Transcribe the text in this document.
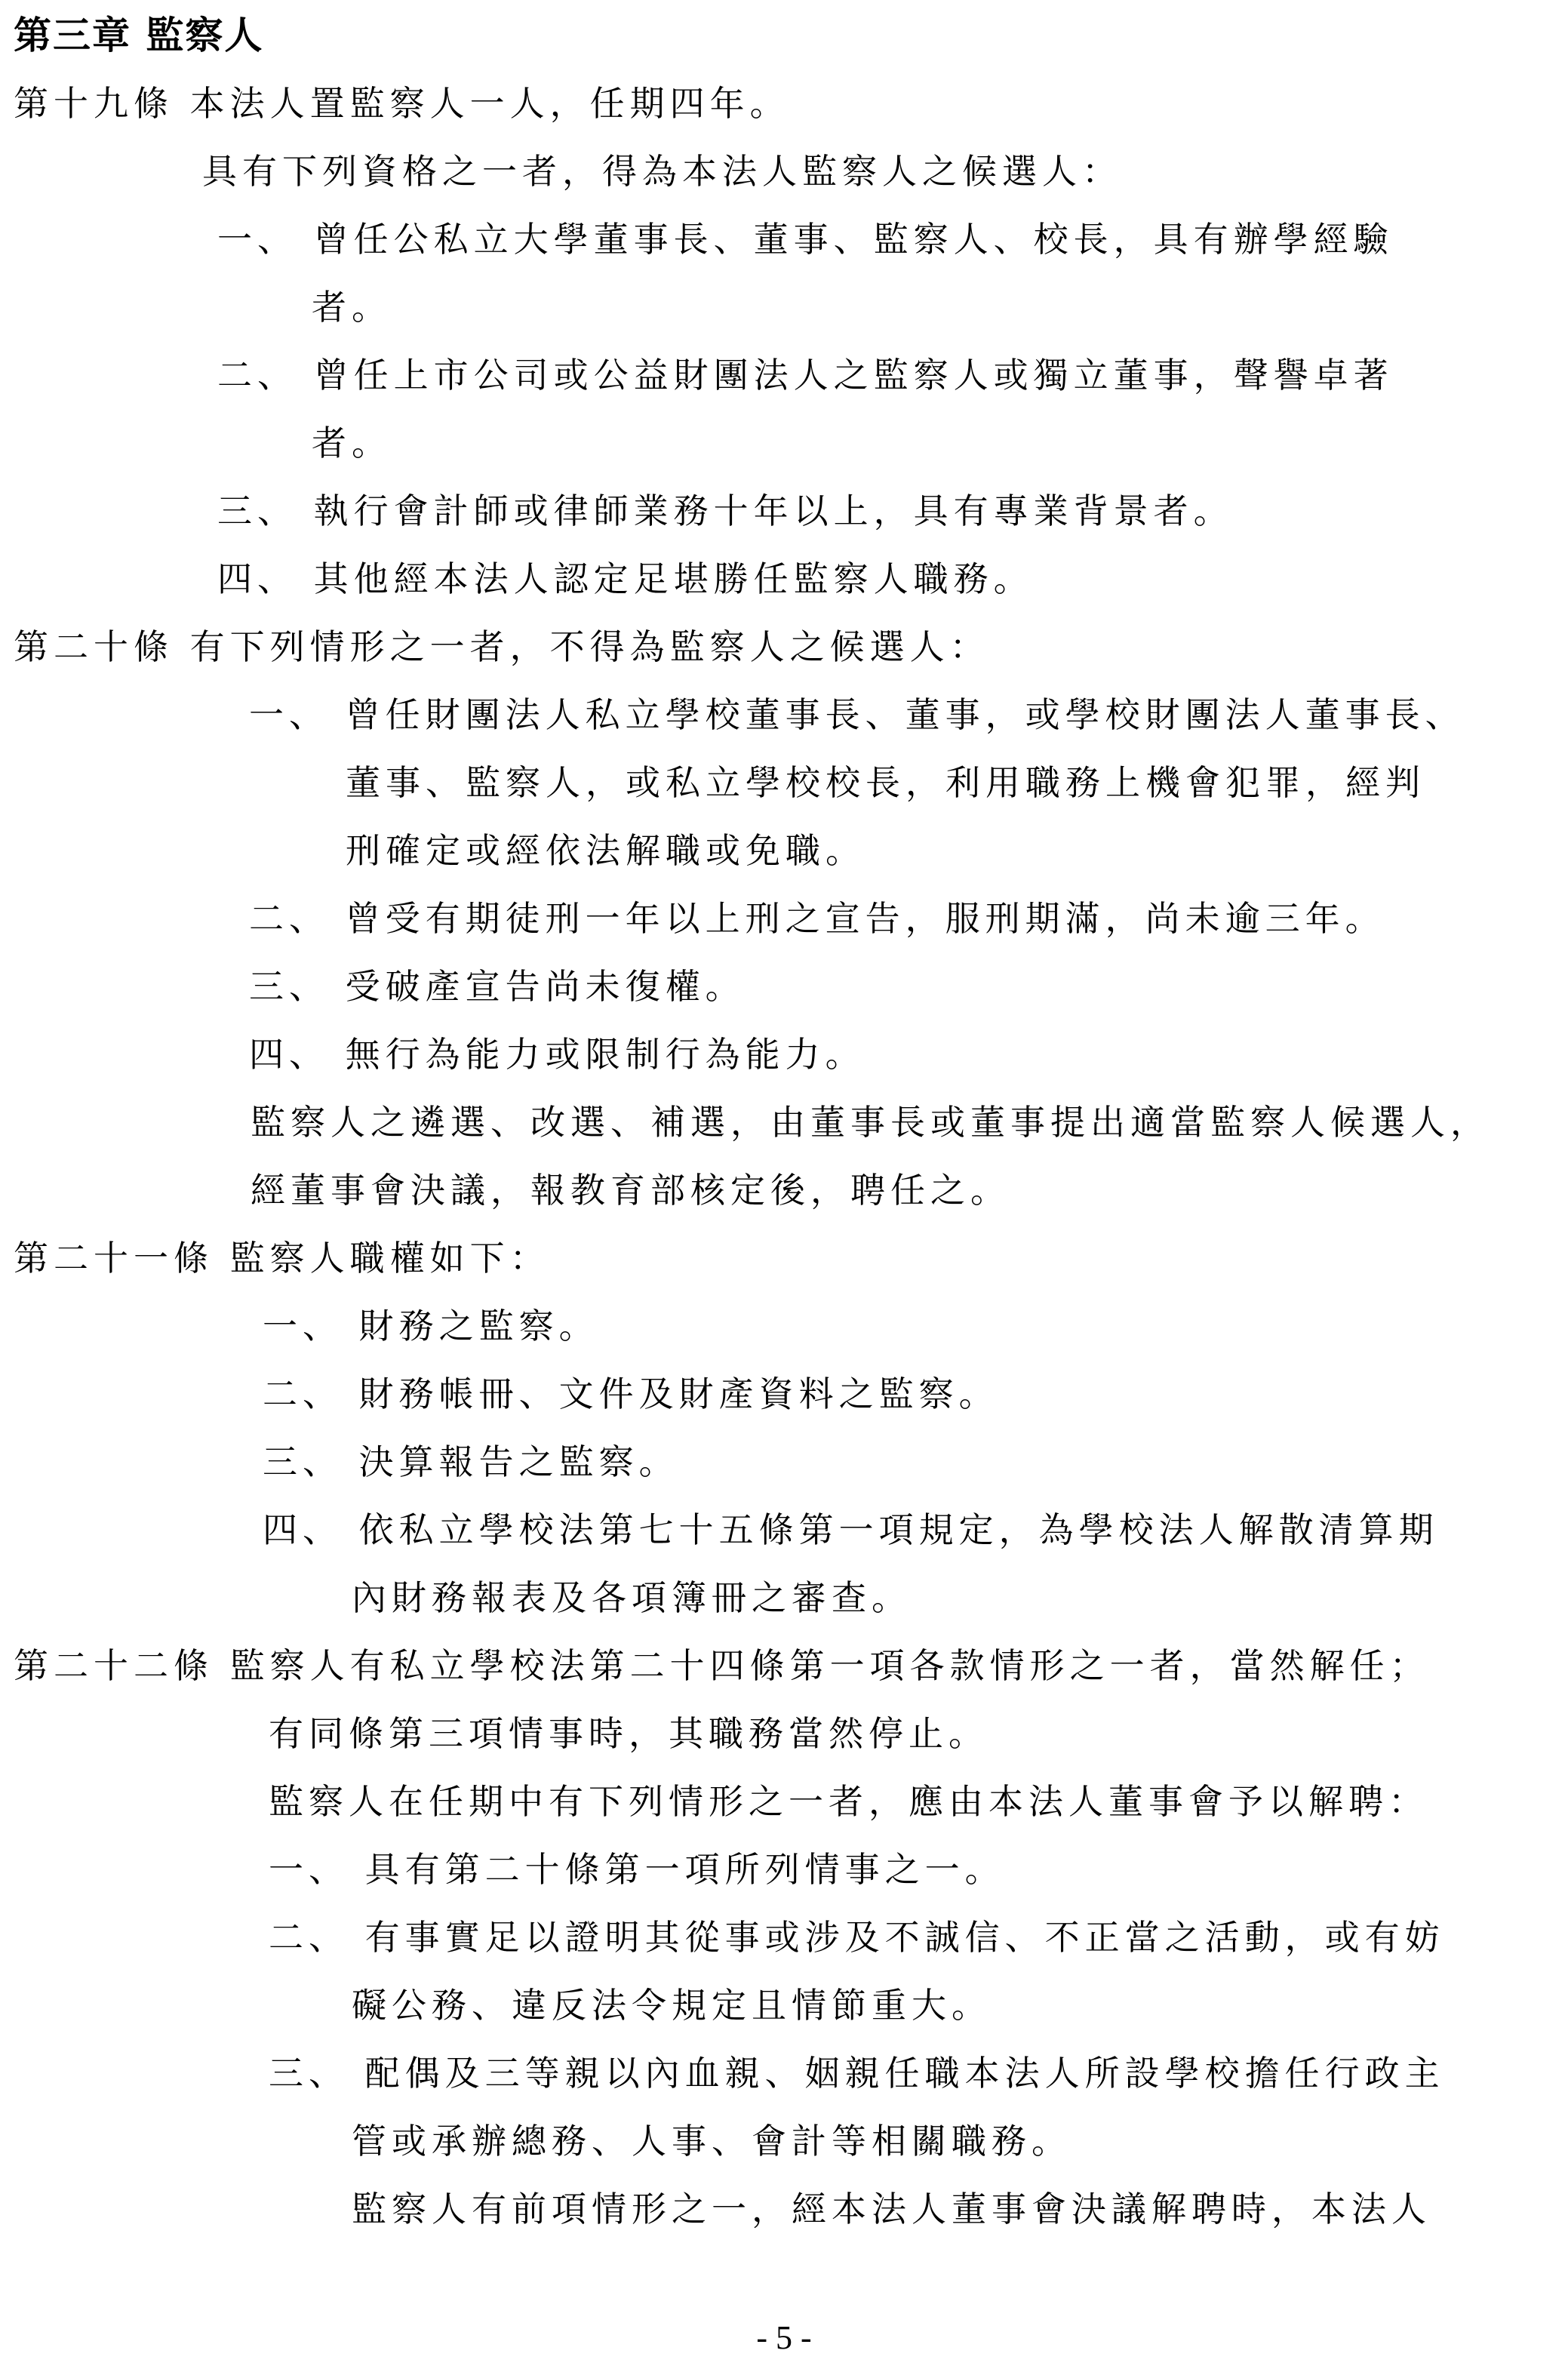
第三章 監察人
第十九條 本法人置監察人一人，任期四年。
具有下列資格之一者，得為本法人監察人之候選人：
一、 曾任公私立大學董事長、董事、監察人、校長，具有辦學經驗
者。
二、 曾任上市公司或公益財團法人之監察人或獨立董事，聲譽卓著
者。
三、 執行會計師或律師業務十年以上，具有專業背景者。
四、 其他經本法人認定足堪勝任監察人職務。
第二十條 有下列情形之一者，不得為監察人之候選人：
一、 曾任財團法人私立學校董事長、董事，或學校財團法人董事長、
董事、監察人，或私立學校校長，利用職務上機會犯罪，經判
刑確定或經依法解職或免職。
二、 曾受有期徒刑一年以上刑之宣告，服刑期滿，尚未逾三年。
三、 受破產宣告尚未復權。
四、 無行為能力或限制行為能力。
監察人之遴選、改選、補選，由董事長或董事提出適當監察人候選人，
經董事會決議，報教育部核定後，聘任之。
第二十一條 監察人職權如下：
一、 財務之監察。
二、 財務帳冊、文件及財產資料之監察。
三、 決算報告之監察。
四、 依私立學校法第七十五條第一項規定，為學校法人解散清算期
內財務報表及各項簿冊之審查。
第二十二條 監察人有私立學校法第二十四條第一項各款情形之一者，當然解任；
有同條第三項情事時，其職務當然停止。
監察人在任期中有下列情形之一者，應由本法人董事會予以解聘：
一、 具有第二十條第一項所列情事之一。
二、 有事實足以證明其從事或涉及不誠信、不正當之活動，或有妨
礙公務、違反法令規定且情節重大。
三、 配偶及三等親以內血親、姻親任職本法人所設學校擔任行政主
管或承辦總務、人事、會計等相關職務。
監察人有前項情形之一，經本法人董事會決議解聘時，本法人
- 5 -
